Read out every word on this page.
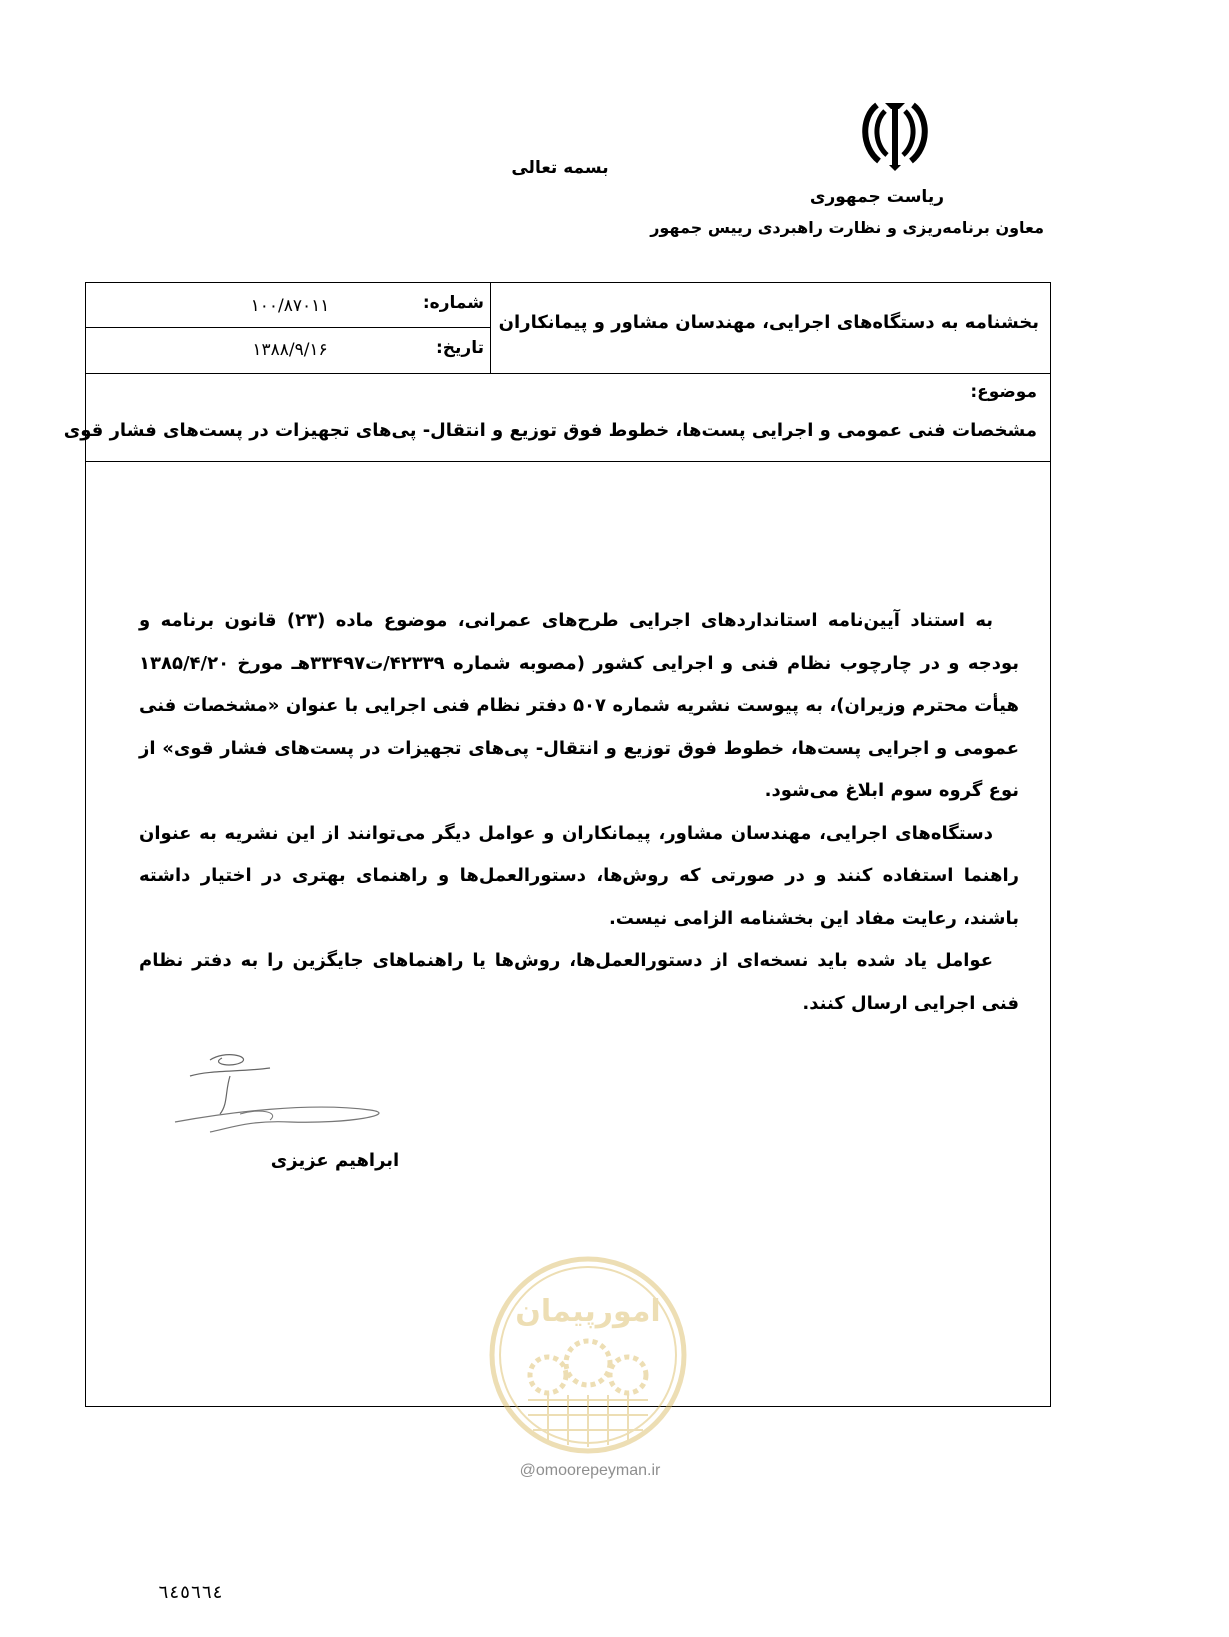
بسمه تعالی
ریاست جمهوری
معاون برنامه‌ریزی و نظارت راهبردی رییس جمهور
بخشنامه به دستگاه‌های اجرایی، مهندسان مشاور و پیمانکاران
شماره:
۱۰۰/۸۷۰۱۱
تاریخ:
۱۳۸۸/۹/۱۶
موضوع:
مشخصات فنی عمومی و اجرایی پست‌ها، خطوط فوق توزیع و انتقال- پی‌های تجهیزات در پست‌های فشار قوی

به استناد آیین‌نامه استانداردهای اجرایی طرح‌های عمرانی، موضوع ماده (۲۳) قانون برنامه و بودجه و در چارچوب نظام فنی و اجرایی کشور (مصوبه شماره ۴۲۳۳۹/ت۳۳۴۹۷هـ مورخ ۱۳۸۵/۴/۲۰ هیأت محترم وزیران)، به پیوست نشریه شماره ۵۰۷ دفتر نظام فنی اجرایی با عنوان «مشخصات فنی عمومی و اجرایی پست‌ها، خطوط فوق توزیع و انتقال- پی‌های تجهیزات در پست‌های فشار قوی» از نوع گروه سوم ابلاغ می‌شود.

دستگاه‌های اجرایی، مهندسان مشاور، پیمانکاران و عوامل دیگر می‌توانند از این نشریه به عنوان راهنما استفاده کنند و در صورتی که روش‌ها، دستورالعمل‌ها و راهنمای بهتری در اختیار داشته باشند، رعایت مفاد این بخشنامه الزامی نیست.

عوامل یاد شده باید نسخه‌ای از دستورالعمل‌ها، روش‌ها یا راهنماهای جایگزین را به دفتر نظام فنی اجرایی ارسال کنند.

ابراهیم عزیزی
امورپیمان
@omoorepeyman.ir
٦٤٥٦٦٤
